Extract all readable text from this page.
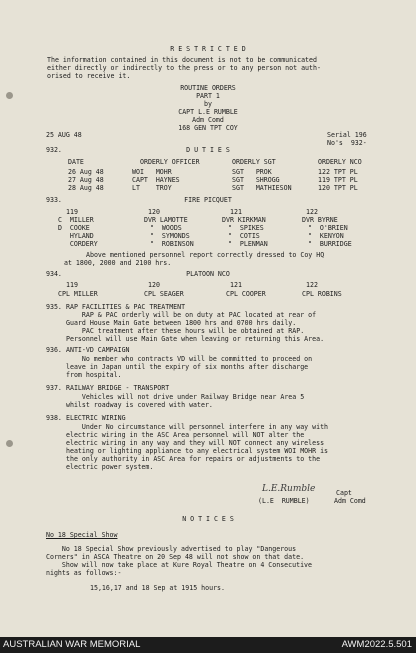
R E S T R I C T E D
The information contained in this document is not to be communicated
either directly or indirectly to the press or to any person not auth-
orised to receive it.
ROUTINE ORDERS
PART 1
by
CAPT L.E RUMBLE
Adm Comd
168 GEN TPT COY
25 AUG 48	Serial 196
No's  932-
932.	D U T I E S
DATE	ORDERLY OFFICER	ORDERLY SGT	ORDERLY NCO
26 Aug 48	WOI   MOHR	SGT   PROK	122 TPT PL
27 Aug 48	CAPT  HAYNES	SGT   SHROGG	119 TPT PL
28 Aug 48	LT    TROY	SGT   MATHIESON	120 TPT PL
933.	FIRE PICQUET
119	120	121	122
C  MILLER	DVR LAMOTTE	DVR KIRKMAN	DVR BYRNE
D  COOKE	"  WOODS	"  SPIKES	"  O'BRIEN
HYLAND	"  SYMONDS	"  COTIS	"  KENYON
CORDERY	"  ROBINSON	"  PLENMAN	"  BURRIDGE
Above mentioned personnel report correctly dressed to Coy HQ
at 1800, 2000 and 2100 hrs.
934.	PLATOON NCO
119	120	121	122
CPL MILLER	CPL SEAGER	CPL COOPER	CPL ROBINS
935. RAP FACILITIES & PAC TREATMENT
RAP & PAC orderly will be on duty at PAC located at rear of
Guard House Main Gate between 1800 hrs and 0700 hrs daily.
PAC treatment after these hours will be obtained at RAP.
Personnel will use Main Gate when leaving or returning this Area.
936. ANTI-VD CAMPAIGN
No member who contracts VD will be committed to proceed on
leave in Japan until the expiry of six months after discharge
from hospital.
937. RAILWAY BRIDGE - TRANSPORT
Vehicles will not drive under Railway Bridge near Area 5
whilst roadway is covered with water.
938. ELECTRIC WIRING
Under No circumstance will personnel interfere in any way with
electric wiring in the ASC Area personnel will NOT alter the
electric wiring in any way and they will NOT connect any wireless
heating or lighting appliance to any electrical system WOI MOHR is
the only authority in ASC Area for repairs or adjustments to the
electric power system.
L.E.Rumble	Capt
(L.E  RUMBLE)	Adm Comd
N O T I C E S
No 18 Special Show
No 18 Special Show previously advertised to play "Dangerous
Corners" in ASCA Theatre on 20 Sep 48 will not show on that date.
Show will now take place at Kure Royal Theatre on 4 Consecutive
nights as follows:-
15,16,17 and 18 Sep at 1915 hours.
AUSTRALIAN WAR MEMORIAL	AWM2022.5.501
